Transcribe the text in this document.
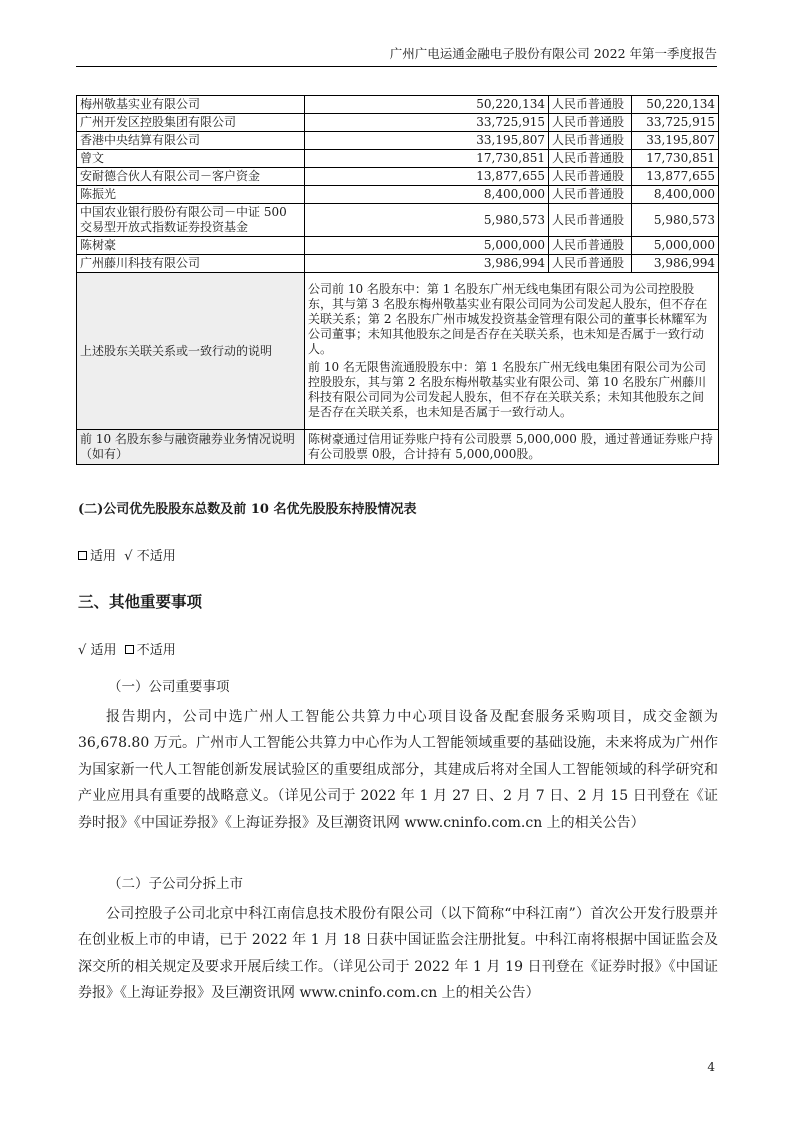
广州广电运通金融电子股份有限公司 2022 年第一季度报告
梅州敬基实业有限公司	50,220,134	人民币普通股	50,220,134
广州开发区控股集团有限公司	33,725,915	人民币普通股	33,725,915
香港中央结算有限公司	33,195,807	人民币普通股	33,195,807
曾文	17,730,851	人民币普通股	17,730,851
安耐德合伙人有限公司－客户资金	13,877,655	人民币普通股	13,877,655
陈振光	8,400,000	人民币普通股	8,400,000
中国农业银行股份有限公司－中证 500 交易型开放式指数证券投资基金	5,980,573	人民币普通股	5,980,573
陈树豪	5,000,000	人民币普通股	5,000,000
广州藤川科技有限公司	3,986,994	人民币普通股	3,986,994
上述股东关联关系或一致行动的说明	公司前 10 名股东中：第 1 名股东广州无线电集团有限公司为公司控股股东，其与第 3 名股东梅州敬基实业有限公司同为公司发起人股东，但不存在关联关系；第 2 名股东广州市城发投资基金管理有限公司的董事长林耀军为公司董事；未知其他股东之间是否存在关联关系，也未知是否属于一致行动人。

前 10 名无限售流通股股东中：第 1 名股东广州无线电集团有限公司为公司控股股东，其与第 2 名股东梅州敬基实业有限公司、第 10 名股东广州藤川科技有限公司同为公司发起人股东，但不存在关联关系；未知其他股东之间是否存在关联关系，也未知是否属于一致行动人。		

前 10 名股东参与融资融券业务情况说明（如有）	陈树豪通过信用证券账户持有公司股票 5,000,000 股，通过普通证券账户持有公司股票 0股，合计持有 5,000,000股。		
(二)公司优先股股东总数及前 10 名优先股股东持股情况表
适用 √ 不适用
三、其他重要事项
√ 适用 不适用
（一）公司重要事项

报告期内，公司中选广州人工智能公共算力中心项目设备及配套服务采购项目，成交金额为 36,678.80 万元。广州市人工智能公共算力中心作为人工智能领域重要的基础设施，未来将成为广州作为国家新一代人工智能创新发展试验区的重要组成部分，其建成后将对全国人工智能领域的科学研究和产业应用具有重要的战略意义。（详见公司于 2022 年 1 月 27 日、2 月 7 日、2 月 15 日刊登在《证券时报》《中国证券报》《上海证券报》及巨潮资讯网 www.cninfo.com.cn 上的相关公告）

（二）子公司分拆上市

公司控股子公司北京中科江南信息技术股份有限公司（以下简称“中科江南”）首次公开发行股票并在创业板上市的申请，已于 2022 年 1 月 18 日获中国证监会注册批复。中科江南将根据中国证监会及深交所的相关规定及要求开展后续工作。（详见公司于 2022 年 1 月 19 日刊登在《证券时报》《中国证券报》《上海证券报》及巨潮资讯网 www.cninfo.com.cn 上的相关公告）

4
